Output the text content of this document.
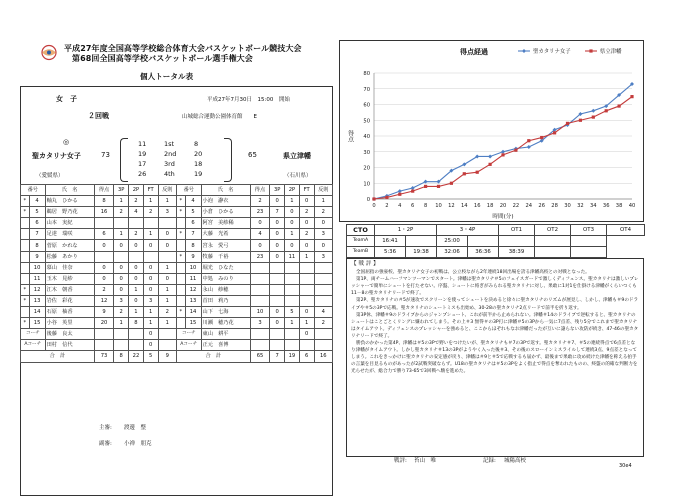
平成27年度全国高等学校総合体育大会バスケットボール競技大会
第68回全国高等学校バスケットボール選手権大会
個人トータル表
女　子	平成27年7月30日　15:00　開始
２回戦	山城総合運動公園体育館　　E
◎
聖カタリナ女子	73
（愛媛県）
11	1st	8
19	2nd	20
17	3rd	18
26	4th	19
65	県立津幡
（石川県）
番号		氏　名	得点	3P	2P	FT	反則	番号		氏　名	得点	3P	2P	FT	反則
*	4	軸丸　ひかる	8	1	2	1	1	*	4	小泡　瀞衣	2	0	1	0	1
*	5	鵜居　野乃花	16	2	4	2	3	*	5	小倉　ひかる	23	7	0	2	2
	6	山本　実紀							6	阿宮　美紗稀	0	0	0	0	0
	7	足達　瑞咲	6	1	2	1	0	*	7	大藤　光希	4	0	1	2	3
	8	菅原　かれな	0	0	0	0	0		8	宮永　愛弓	0	0	0	0	0
	9	松藤　あかり						*	9	牧藤　千裕	23	0	11	1	3
	10	慕山　佳奈	0	0	0	0	1		10	堀光　ひなた					
	11	玉木　見紗	0	0	0	0	0		11	中処　みのり					
*	12	江木　朝香	2	0	1	0	1		12	永山　紗穂					
*	13	岩佐　彩花	12	3	0	3	1		13	首田　莉乃					
	14	石原　柚香	9	2	1	1	2	*	14	山下　七海	10	0	5	0	4
*	15	小谷　英里	20	1	8	1	1		15	川瀬　穂乃花	3	0	1	1	2
コーチ		後藤　良太				0		コーチ		東山　耕平				0	
Aコーチ		田村　信代				0		Aコーチ		正元　喜博					
合　計			73	8	22	5	9	合　計			65	7	19	6	16
主審: 渡邊　整
副審: 小禅　朋克
0
10
20
30
40
50
60
70
80
0 2 4 6 8 10 12 14 16 18 20 22 24 26 28 30 32 34 36 38 40
得点経過
時間(分)
得点
聖カタリナ女子	県立津幡
CTO	1・2P		3・4P		OT1	OT2	OT3	OT4
TeamA	16:41		25:00					
TeamB	5:36	19:38	32:06	36:36	38:39			
【 戦 評 】
全国屈指の強豪校、聖カタリナ女子の初戦は、公立校ながら2年連続18回出場を誇る津幡高校との対戦となった。
第1P、両チームハーフマンツーマンでスタート。津幡は聖カタリナ＃5のフェイスガードで激しくディフェンス。聖カタリナは激しいプレッシャーで簡単にシュートを打たせない。序盤、シュートに絡ぎがみられる聖カタリナに対し、果敢に1対1を仕掛ける津幡がくらいつくも11－8の聖カタリナリードで終了。
第2P、聖カタリナの＃5が速攻でスクリーンを使ってシュートを決めると徐々に聖カタリナのリズムが展見し、しかし、津幡も＃9のドライブや＃5の3Pで応戦。聖カタリナのシュートミスも出始め、30-28の聖カタリナ2点リードで前半を折り返す。
第3P休、津幡＃9のドライブからのジャンプシュート、これが前半から止められない。津幡＃14のドライブで逆転すると、聖カタリナのシュートはことごとくリングに嫌われてしまう。その上＃3 無得＃の3P打に津幡＃5の3Pから一気に7点差、残り5分でこれまで聖カタリナはタイムアウト。ディフェンスのプレッシャーを強めると、ここからほぞれもなお津幡だったが互いに譲らない攻防が続き、47-46の聖カタリナリードで終了。
勝負のかかった第4P、津幡は＃5の3Pで野いをつけたいが、聖カタリナも＃7の3Pで返す。聖カタリナ＃7、＃5の連続得点で6点差となり津幡がタイムアウト。しかし聖カタリナ＃13の3Pがようやく入った後＃3、その後のスローインミスライルして連続3点、9点差となってしまう。これをきっかけに聖カタリナの安定感が戻り、津幡は＃9と＃5で応戦するも届かず、最後まで果敢に攻め続けた津幡を称える拍手の言葉を目見るものがあったが2試戦突破ならず。U18の聖カタリナは＃5の3Pをよく指止で得点を奪われたものの、終盤の的確な判断力を光らせたが、総合力で勝り73-65で3回戦へ駒を進めた。
戦評: 苔山　唯	記録: 城陽高校
30e4
